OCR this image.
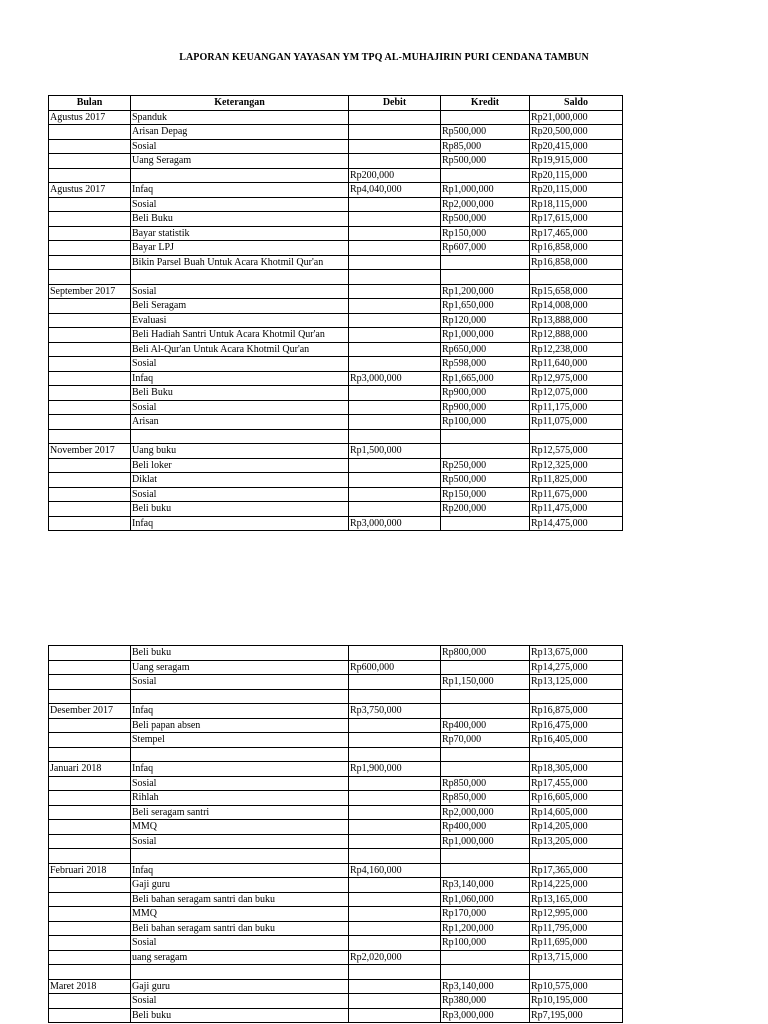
LAPORAN KEUANGAN YAYASAN YM TPQ AL-MUHAJIRIN PURI CENDANA TAMBUN
Bulan	Keterangan	Debit	Kredit	Saldo
Agustus 2017	Spanduk			Rp21,000,000
	Arisan Depag		Rp500,000	Rp20,500,000
	Sosial		Rp85,000	Rp20,415,000
	Uang Seragam		Rp500,000	Rp19,915,000
		Rp200,000		Rp20,115,000
Agustus 2017	Infaq	Rp4,040,000	Rp1,000,000	Rp20,115,000
	Sosial		Rp2,000,000	Rp18,115,000
	Beli Buku		Rp500,000	Rp17,615,000
	Bayar statistik		Rp150,000	Rp17,465,000
	Bayar LPJ		Rp607,000	Rp16,858,000
	Bikin Parsel Buah Untuk Acara Khotmil Qur'an			Rp16,858,000

September 2017	Sosial		Rp1,200,000	Rp15,658,000
	Beli Seragam		Rp1,650,000	Rp14,008,000
	Evaluasi		Rp120,000	Rp13,888,000
	Beli Hadiah Santri Untuk Acara Khotmil Qur'an		Rp1,000,000	Rp12,888,000
	Beli Al-Qur'an Untuk Acara Khotmil Qur'an		Rp650,000	Rp12,238,000
	Sosial		Rp598,000	Rp11,640,000
	Infaq	Rp3,000,000	Rp1,665,000	Rp12,975,000
	Beli Buku		Rp900,000	Rp12,075,000
	Sosial		Rp900,000	Rp11,175,000
	Arisan		Rp100,000	Rp11,075,000

November 2017	Uang buku	Rp1,500,000		Rp12,575,000
	Beli loker		Rp250,000	Rp12,325,000
	Diklat		Rp500,000	Rp11,825,000
	Sosial		Rp150,000	Rp11,675,000
	Beli buku		Rp200,000	Rp11,475,000
	Infaq	Rp3,000,000		Rp14,475,000
	Beli buku		Rp800,000	Rp13,675,000
	Uang seragam	Rp600,000		Rp14,275,000
	Sosial		Rp1,150,000	Rp13,125,000

Desember 2017	Infaq	Rp3,750,000		Rp16,875,000
	Beli papan absen		Rp400,000	Rp16,475,000
	Stempel		Rp70,000	Rp16,405,000

Januari 2018	Infaq	Rp1,900,000		Rp18,305,000
	Sosial		Rp850,000	Rp17,455,000
	Rihlah		Rp850,000	Rp16,605,000
	Beli seragam santri		Rp2,000,000	Rp14,605,000
	MMQ		Rp400,000	Rp14,205,000
	Sosial		Rp1,000,000	Rp13,205,000

Februari 2018	Infaq	Rp4,160,000		Rp17,365,000
	Gaji guru		Rp3,140,000	Rp14,225,000
	Beli bahan seragam santri dan buku		Rp1,060,000	Rp13,165,000
	MMQ		Rp170,000	Rp12,995,000
	Beli bahan seragam santri dan buku		Rp1,200,000	Rp11,795,000
	Sosial		Rp100,000	Rp11,695,000
	uang seragam	Rp2,020,000		Rp13,715,000

Maret 2018	Gaji guru		Rp3,140,000	Rp10,575,000
	Sosial		Rp380,000	Rp10,195,000
	Beli buku		Rp3,000,000	Rp7,195,000
